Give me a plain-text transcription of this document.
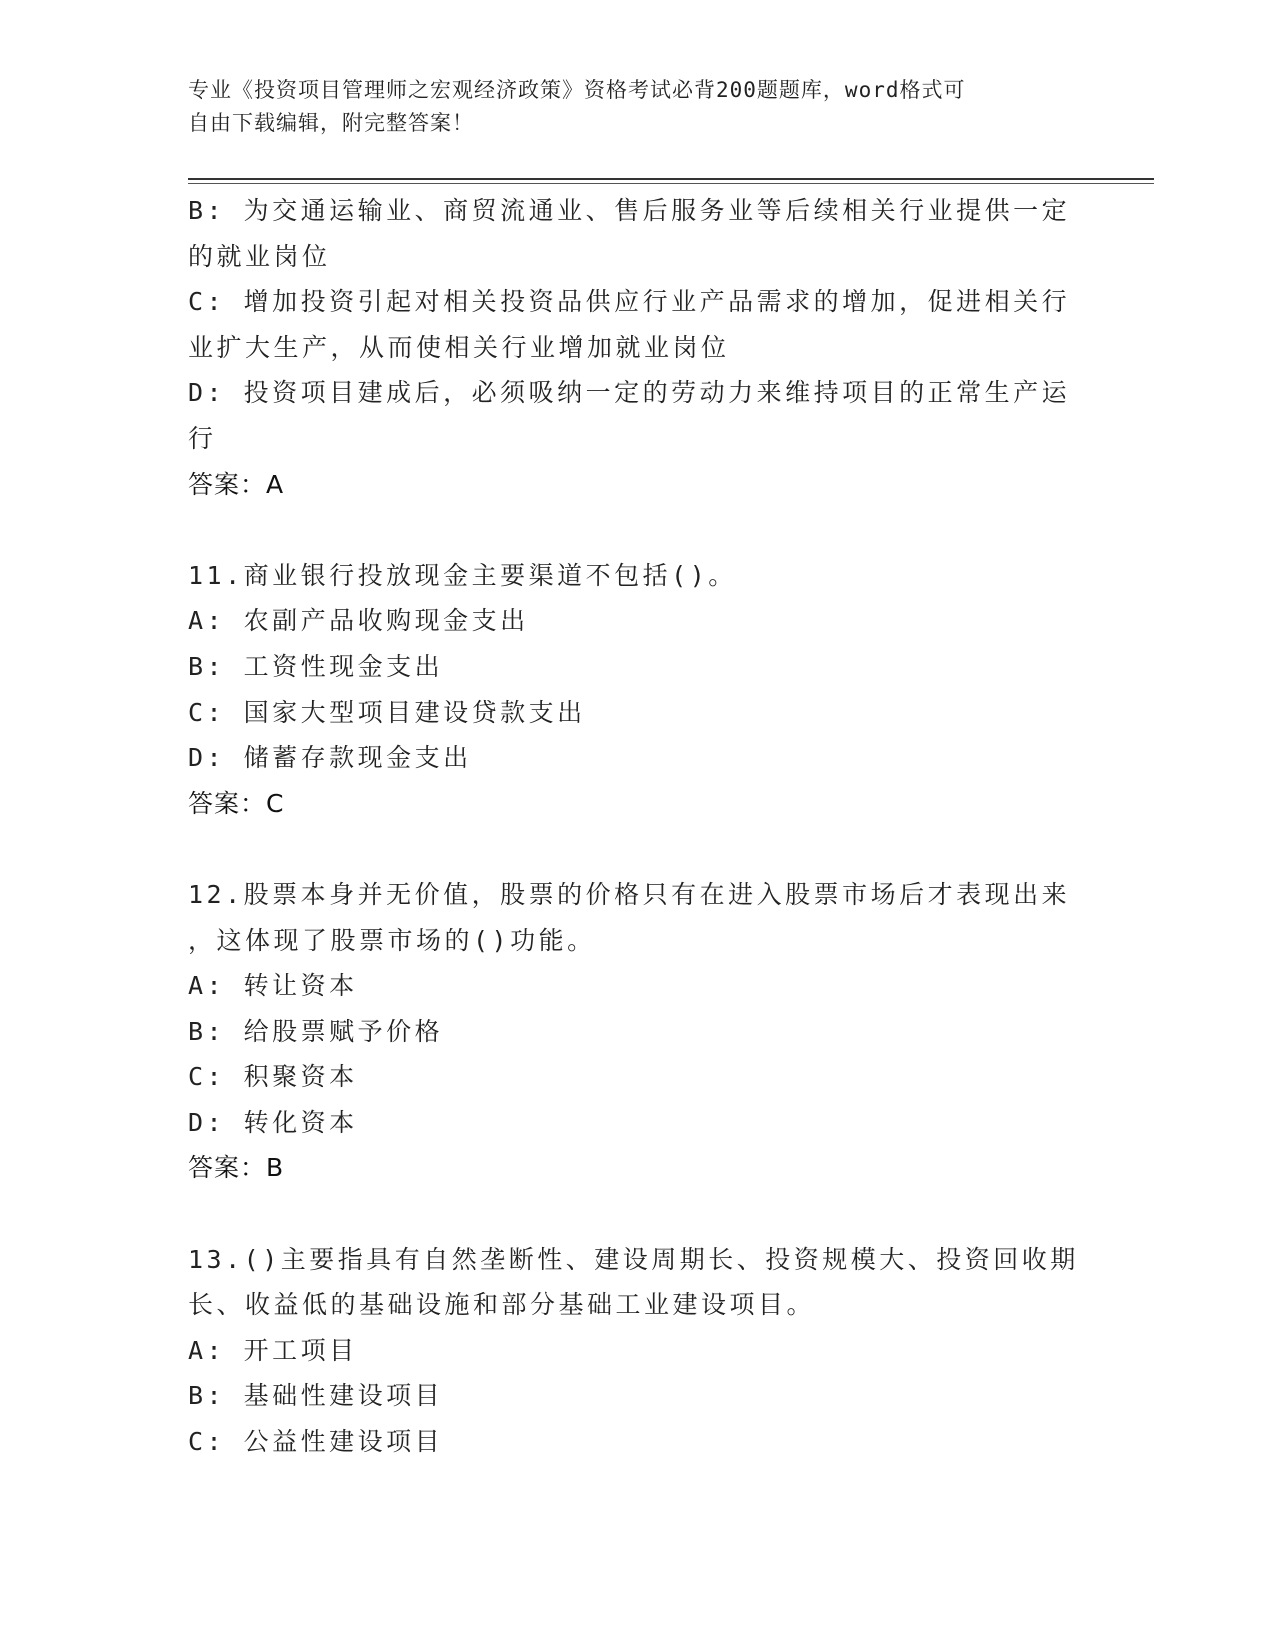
专业《投资项目管理师之宏观经济政策》资格考试必背200题题库，word格式可
自由下载编辑，附完整答案！
B: 为交通运输业、商贸流通业、售后服务业等后续相关行业提供一定
的就业岗位
C: 增加投资引起对相关投资品供应行业产品需求的增加，促进相关行
业扩大生产，从而使相关行业增加就业岗位
D: 投资项目建成后，必须吸纳一定的劳动力来维持项目的正常生产运
行
答案：A
11.商业银行投放现金主要渠道不包括()。
A: 农副产品收购现金支出
B: 工资性现金支出
C: 国家大型项目建设贷款支出
D: 储蓄存款现金支出
答案：C
12.股票本身并无价值，股票的价格只有在进入股票市场后才表现出来
，这体现了股票市场的()功能。
A: 转让资本
B: 给股票赋予价格
C: 积聚资本
D: 转化资本
答案：B
13.()主要指具有自然垄断性、建设周期长、投资规模大、投资回收期
长、收益低的基础设施和部分基础工业建设项目。
A: 开工项目
B: 基础性建设项目
C: 公益性建设项目
